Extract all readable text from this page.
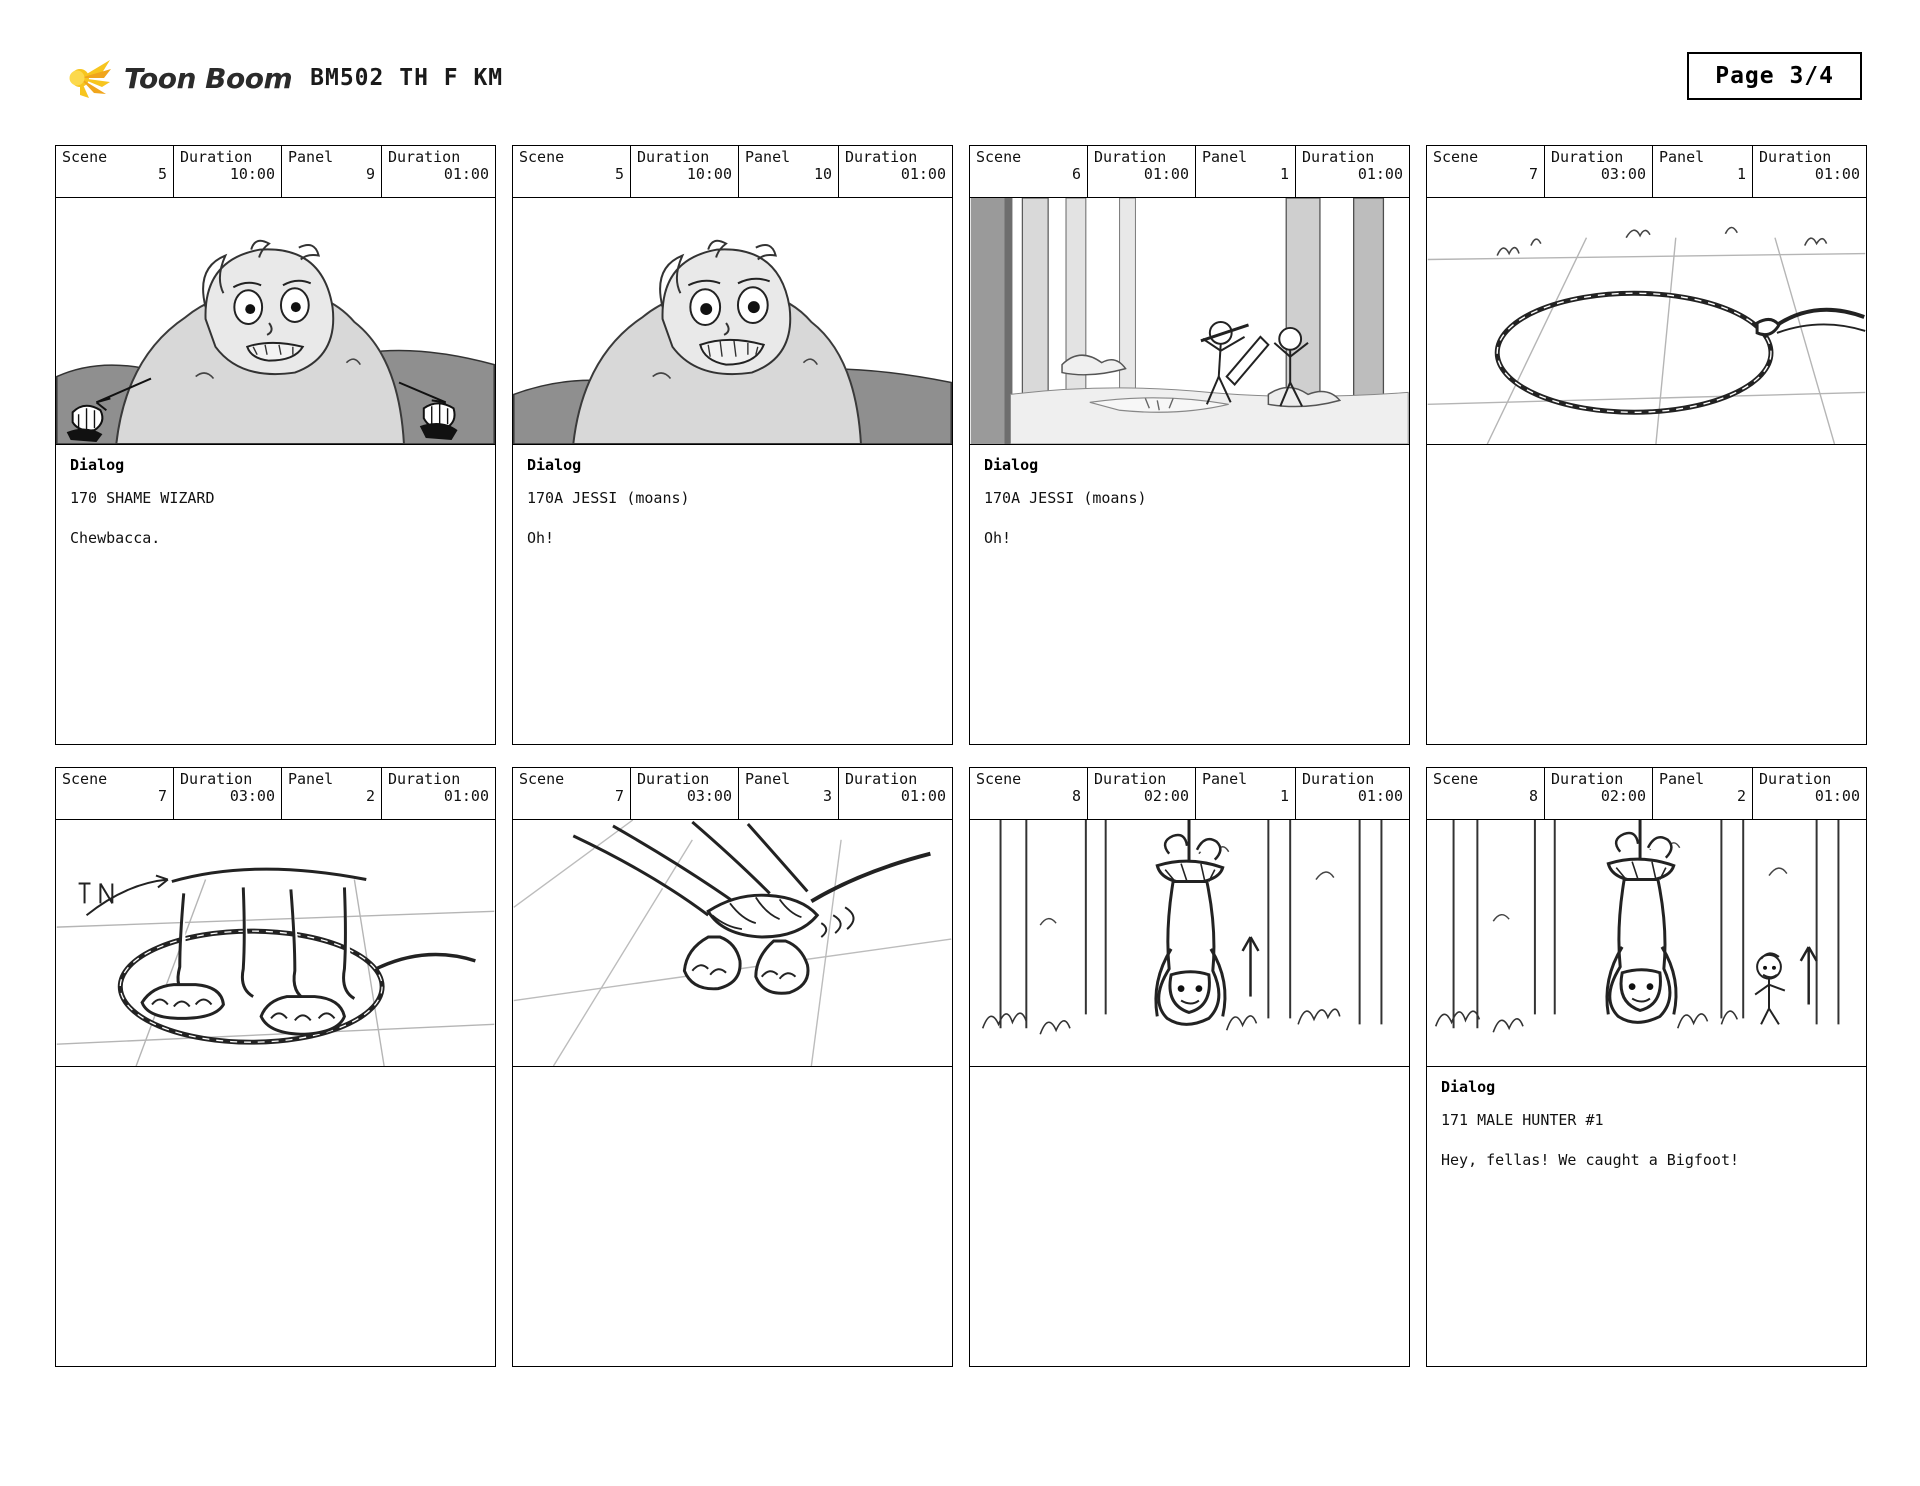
Toon Boom BM502 TH F KM	Page 3/4
Scene
5
Duration
10:00
Panel
9
Duration
01:00
Dialog
170 SHAME WIZARD
Chewbacca.
Scene
5
Duration
10:00
Panel
10
Duration
01:00
Dialog
170A JESSI (moans)
Oh!
Scene
6
Duration
01:00
Panel
1
Duration
01:00
Dialog
170A JESSI (moans)
Oh!
Scene
7
Duration
03:00
Panel
1
Duration
01:00
Scene
7
Duration
03:00
Panel
2
Duration
01:00
Scene
7
Duration
03:00
Panel
3
Duration
01:00
Scene
8
Duration
02:00
Panel
1
Duration
01:00
Scene
8
Duration
02:00
Panel
2
Duration
01:00
Dialog
171 MALE HUNTER #1
Hey, fellas! We caught a Bigfoot!
